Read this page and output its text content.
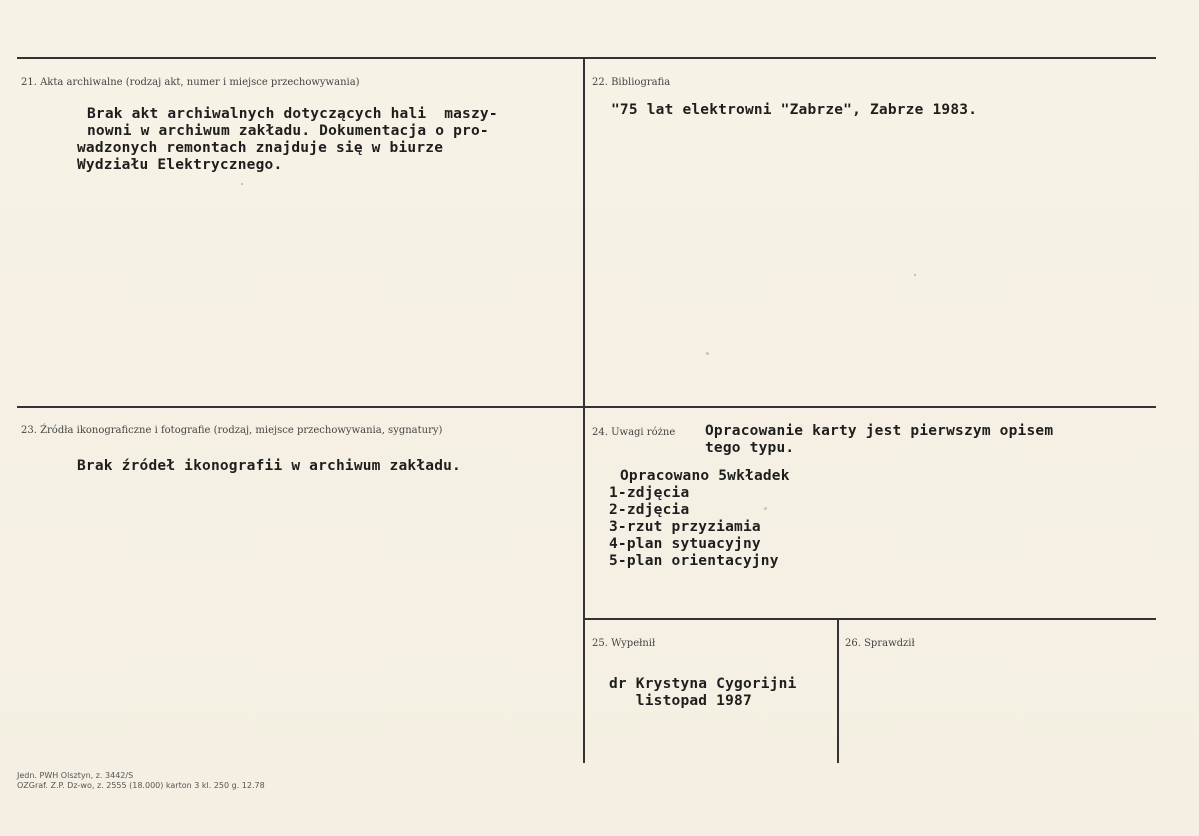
21. Akta archiwalne (rodzaj akt, numer i miejsce przechowywania)
Brak akt archiwalnych dotyczących hali  maszy-
nowni w archiwum zakładu. Dokumentacja o pro-
wadzonych remontach znajduje się w biurze
Wydziału Elektrycznego.
22. Bibliografia
"75 lat elektrowni "Zabrze", Zabrze 1983.
23. Źródła ikonograficzne i fotografie (rodzaj, miejsce przechowywania, sygnatury)
Brak źródeł ikonografii w archiwum zakładu.
24. Uwagi różne Opracowanie karty jest pierwszym opisem
tego typu.
Opracowano 5wkładek
1-zdjęcia
2-zdjęcia
3-rzut przyziamia
4-plan sytuacyjny
5-plan orientacyjny
25. Wypełnił
dr Krystyna Cygorijni
listopad 1987
26. Sprawdził
Jedn. PWH Olsztyn, z. 3442/S
OZGraf. Z.P. Dz-wo, z. 2555 (18.000) karton 3 kl. 250 g. 12.78
